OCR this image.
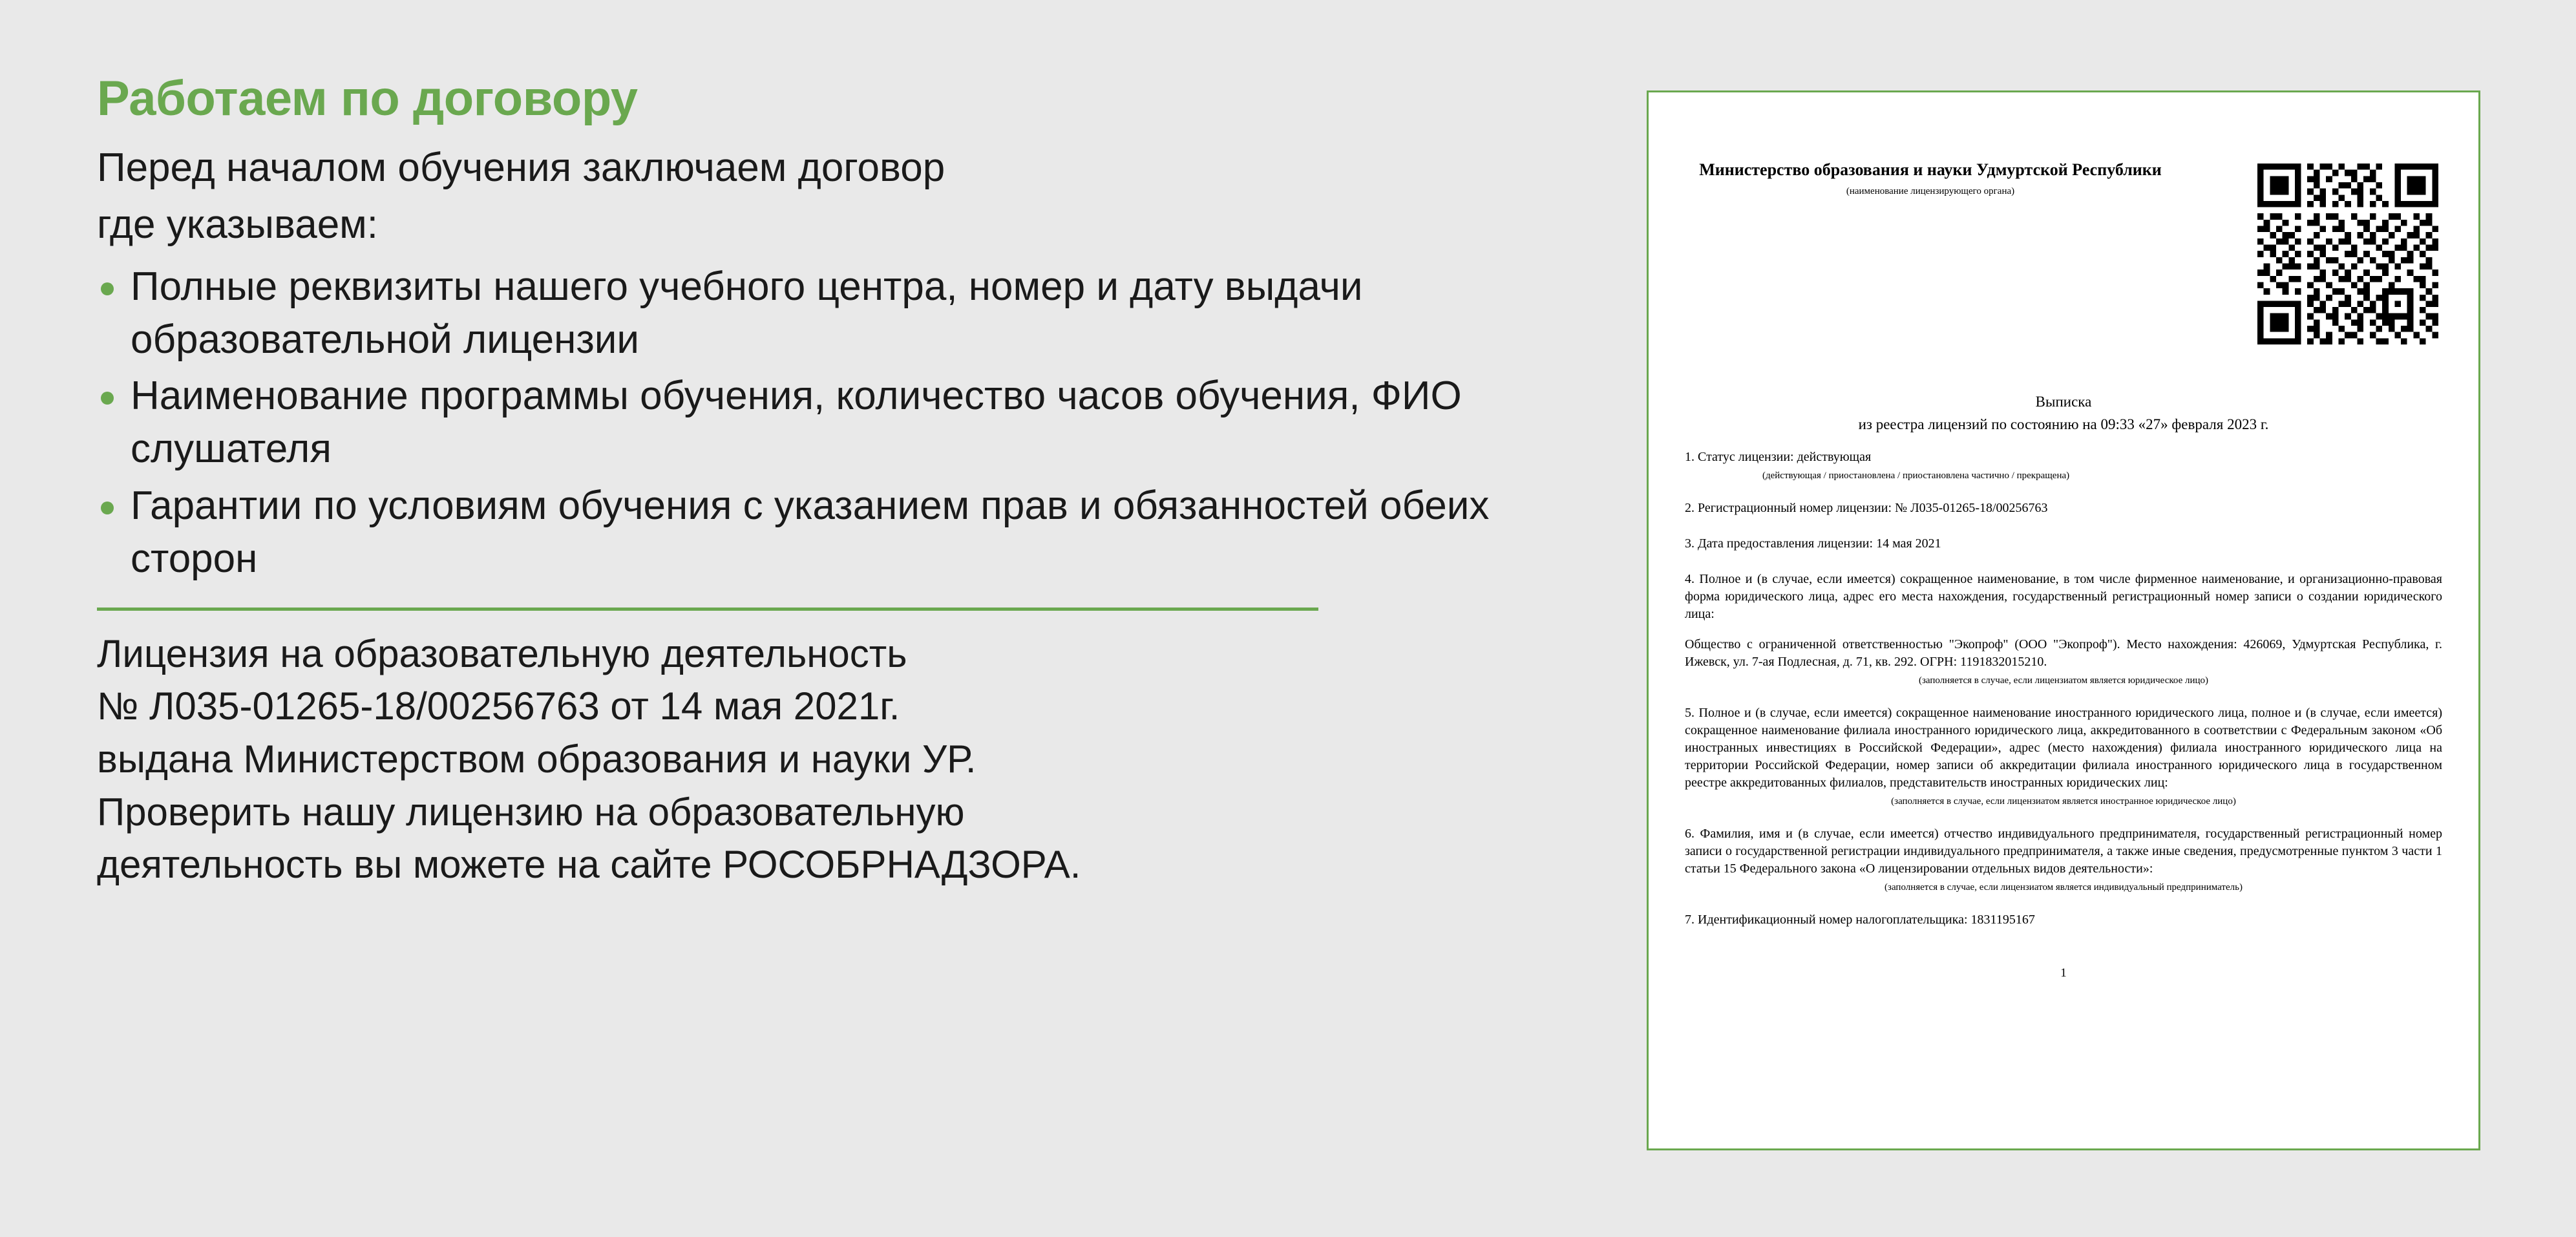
Работаем по договору

Перед началом обучения заключаем договор

где указываем:

Полные реквизиты нашего учебного центра, номер и дату выдачи образовательной лицензии
Наименование программы обучения, количество часов обучения, ФИО слушателя
Гарантии по условиям обучения с указанием прав и обязанностей обеих сторон

Лицензия на образовательную деятельность

№ Л035-01265-18/00256763 от 14 мая 2021г.

выдана Министерством образования и науки УР.

Проверить нашу лицензию на образовательную

деятельность вы можете на сайте РОСОБРНАДЗОРА.

Министерство образования и науки Удмуртской Республики
(наименование лицензирующего органа)
Выписка
из реестра лицензий по состоянию на 09:33 «27» февраля 2023 г.

1. Статус лицензии: действующая

(действующая / приостановлена / приостановлена частично / прекращена)

2. Регистрационный номер лицензии: № Л035-01265-18/00256763

3. Дата предоставления лицензии: 14 мая 2021

4. Полное и (в случае, если имеется) сокращенное наименование, в том числе фирменное наименование, и организационно-правовая форма юридического лица, адрес его места нахождения, государственный регистрационный номер записи о создании юридического лица:

Общество с ограниченной ответственностью "Экопроф" (ООО "Экопроф"). Место нахождения: 426069, Удмуртская Республика, г. Ижевск, ул. 7-ая Подлесная, д. 71, кв. 292. ОГРН: 1191832015210.

(заполняется в случае, если лицензиатом является юридическое лицо)

5. Полное и (в случае, если имеется) сокращенное наименование иностранного юридического лица, полное и (в случае, если имеется) сокращенное наименование филиала иностранного юридического лица, аккредитованного в соответствии с Федеральным законом «Об иностранных инвестициях в Российской Федерации», адрес (место нахождения) филиала иностранного юридического лица на территории Российской Федерации, номер записи об аккредитации филиала иностранного юридического лица в государственном реестре аккредитованных филиалов, представительств иностранных юридических лиц:

(заполняется в случае, если лицензиатом является иностранное юридическое лицо)

6. Фамилия, имя и (в случае, если имеется) отчество индивидуального предпринимателя, государственный регистрационный номер записи о государственной регистрации индивидуального предпринимателя, а также иные сведения, предусмотренные пунктом 3 части 1 статьи 15 Федерального закона «О лицензировании отдельных видов деятельности»:

(заполняется в случае, если лицензиатом является индивидуальный предприниматель)

7. Идентификационный номер налогоплательщика: 1831195167

1
